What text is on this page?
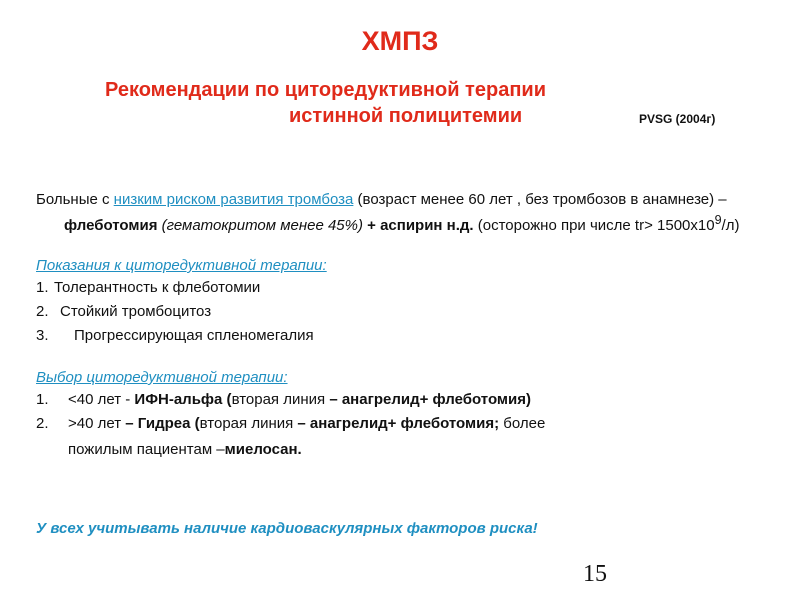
ХМПЗ
Рекомендации по циторедуктивной терапии
истинной полицитемии	PVSG (2004г)

Больные с низким риском развития тромбоза (возраст менее 60 лет , без тромбозов в анамнезе) – флеботомия (гематокритом менее 45%) + аспирин н.д. (осторожно при числе $tr> 1500х10^9/л$)

Показания к циторедуктивной терапии:
1. Толерантность к флеботомии
2. Стойкий тромбоцитоз
3.	Прогрессирующая спленомегалия
Выбор циторедуктивной терапии:
1.	<40 лет - ИФН-альфа (вторая линия – анагрелид+ флеботомия)
2.	>40 лет – Гидреа (вторая линия – анагрелид+ флеботомия; более
пожилым пациентам –миелосан.
У всех учитывать наличие кардиоваскулярных факторов риска!
15
